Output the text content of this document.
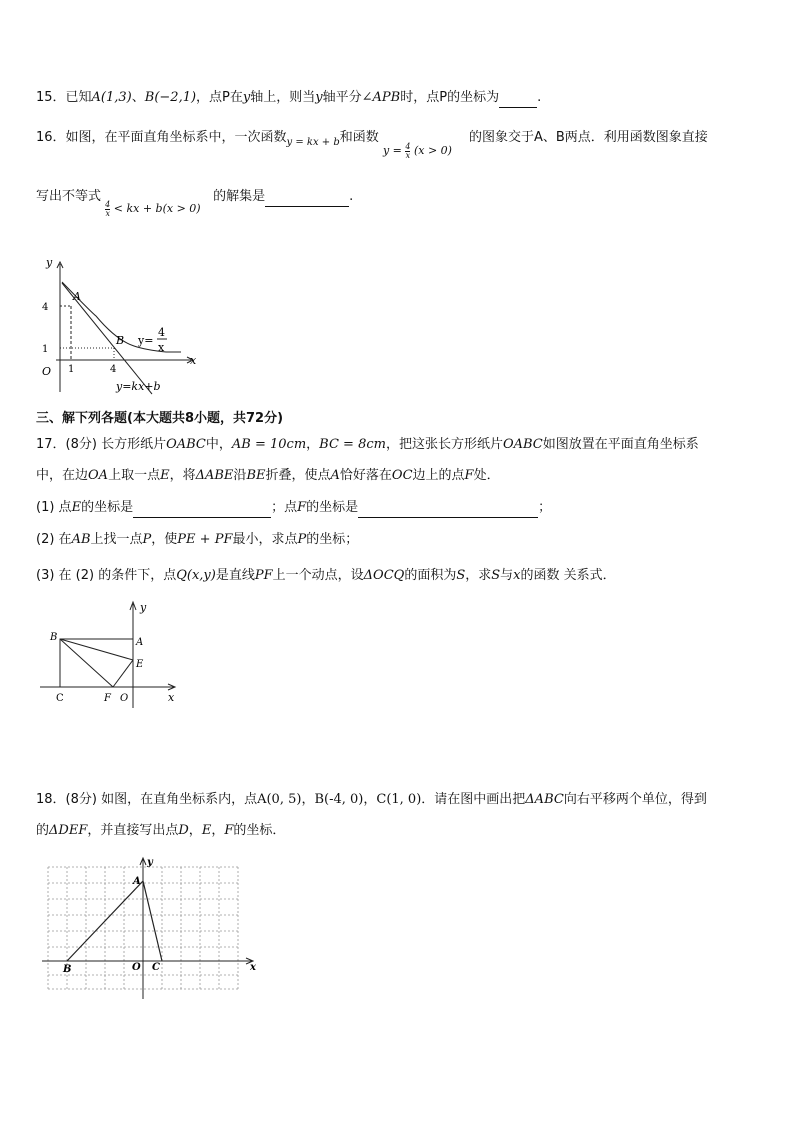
15．已知A(1,3)、B(−2,1)，点P在y轴上，则当y轴平分∠APB时，点P的坐标为	.
16．如图，在平面直角坐标系中，一次函数$_{y = kx + b}$和函数 $y = \frac{4}{x} (x > 0)$的图象交于A、B两点．利用函数图象直接
写出不等式
$\frac{4}{x}$ < kx + b(x > 0)的解集是	.
y
x
O
A
B
4
1
1	4
y=
4
x
y=kx+b
三、解下列各题(本大题共8小题，共72分)
17．(8分) 长方形纸片OABC中，AB = 10cm，BC = 8cm，把这张长方形纸片OABC如图放置在平面直角坐标系
中，在边OA上取一点E，将ΔABE沿BE折叠，使点A恰好落在OC边上的点F处．
(1) 点E的坐标是	；点F的坐标是	；
(2) 在AB上找一点P，使PE + PF最小，求点P的坐标；
(3) 在 (2) 的条件下，点Q(x,y)是直线PF上一个动点，设ΔOCQ的面积为S，求S与x的函数 关系式．
y
x
B	A
E
C	F O
18．(8分) 如图，在直角坐标系内，点A(0, 5)，B(-4, 0)，C(1, 0)．请在图中画出把ΔABC向右平移两个单位，得到
的ΔDEF，并直接写出点D，E，F的坐标．
y
x
A
B	O C
